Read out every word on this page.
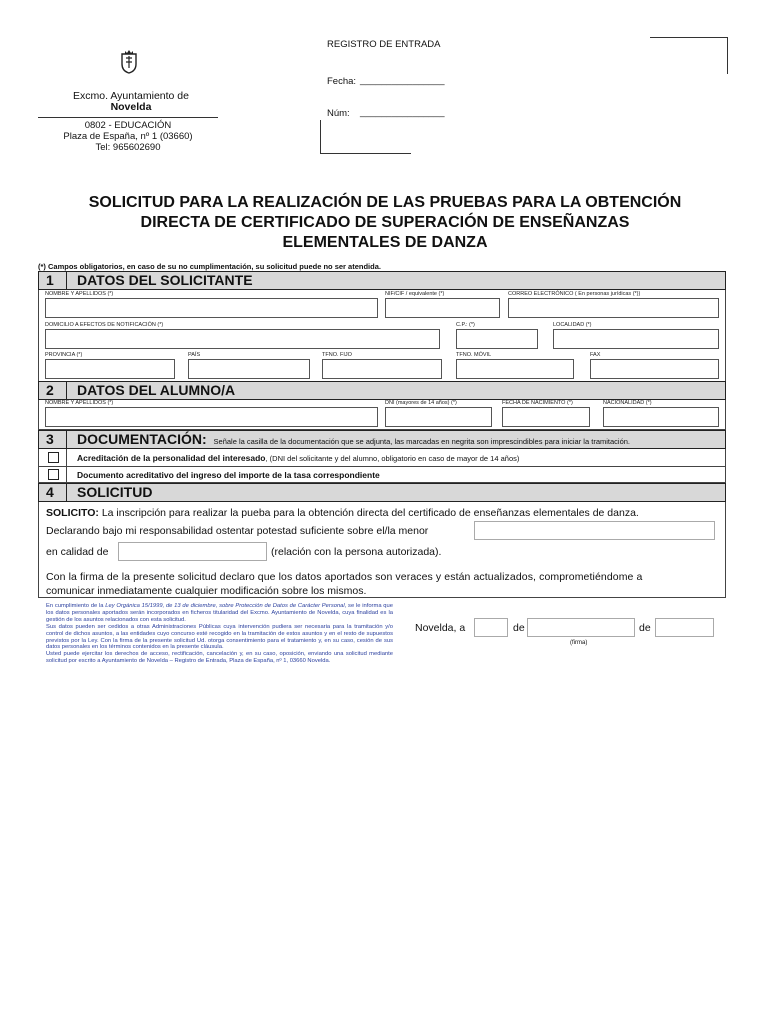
Excmo. Ayuntamiento de
Novelda
0802 - EDUCACIÓN
Plaza de España, nº 1 (03660)
Tel: 965602690
REGISTRO DE ENTRADA
Fecha: ________________
Núm: ________________
SOLICITUD PARA LA REALIZACIÓN DE LAS PRUEBAS PARA LA OBTENCIÓN
DIRECTA DE CERTIFICADO DE SUPERACIÓN DE ENSEÑANZAS
ELEMENTALES DE DANZA
(*) Campos obligatorios, en caso de su no cumplimentación, su solicitud puede no ser atendida.
1	DATOS DEL SOLICITANTE
NOMBRE Y APELLIDOS (*)	NIF/CIF / equivalente (*)	CORREO ELECTRÓNICO ( En personas jurídicas (*))
DOMICILIO A EFECTOS DE NOTIFICACIÓN (*)	C.P.: (*)	LOCALIDAD (*)
PROVINCIA (*)	PAÍS	TFNO. FIJO	TFNO. MÓVIL	FAX
2	DATOS DEL ALUMNO/A
NOMBRE Y APELLIDOS (*)	DNI (mayores de 14 años) (*)	FECHA DE NACIMIENTO (*)	NACIONALIDAD (*)
3	DOCUMENTACIÓN: Señale la casilla de la documentación que se adjunta, las marcadas en negrita son imprescindibles para iniciar la tramitación.
Acreditación de la personalidad del interesado, (DNI del solicitante y del alumno, obligatorio en caso de mayor de 14 años)
Documento acreditativo del ingreso del importe de la tasa correspondiente
4	SOLICITUD
SOLICITO: La inscripción para realizar la pueba para la obtención directa del certificado de enseñanzas elementales de danza.
Declarando bajo mi responsabilidad ostentar potestad suficiente sobre el/la menor
en calidad de	(relación con la persona autorizada).
Con la firma de la presente solicitud declaro que los datos aportados son veraces y están actualizados, comprometiéndome a
comunicar inmediatamente cualquier modificación sobre los mismos.
En cumplimiento de la Ley Orgánica 15/1999, de 13 de diciembre, sobre Protección de Datos de Carácter Personal, se le informa que los datos personales aportados serán incorporados en ficheros titularidad del Excmo. Ayuntamiento de Novelda, cuya finalidad es la gestión de los asuntos relacionados con esta solicitud.
Sus datos pueden ser cedidos a otras Administraciones Públicas cuya intervención pudiera ser necesaria para la tramitación y/o control de dichos asuntos, a las entidades cuyo concurso esté recogido en la tramitación de estos asuntos y en el resto de supuestos previstos por la Ley. Con la firma de la presente solicitud Ud. otorga consentimiento para el tratamiento y, en su caso, cesión de sus datos personales en los términos contenidos en la presente cláusula.
Usted puede ejercitar los derechos de acceso, rectificación, cancelación y, en su caso, oposición, enviando una solicitud mediante solicitud por escrito a Ayuntamiento de Novelda – Registro de Entrada, Plaza de España, nº 1, 03660 Novelda.
Novelda, a	de	de
(firma)
